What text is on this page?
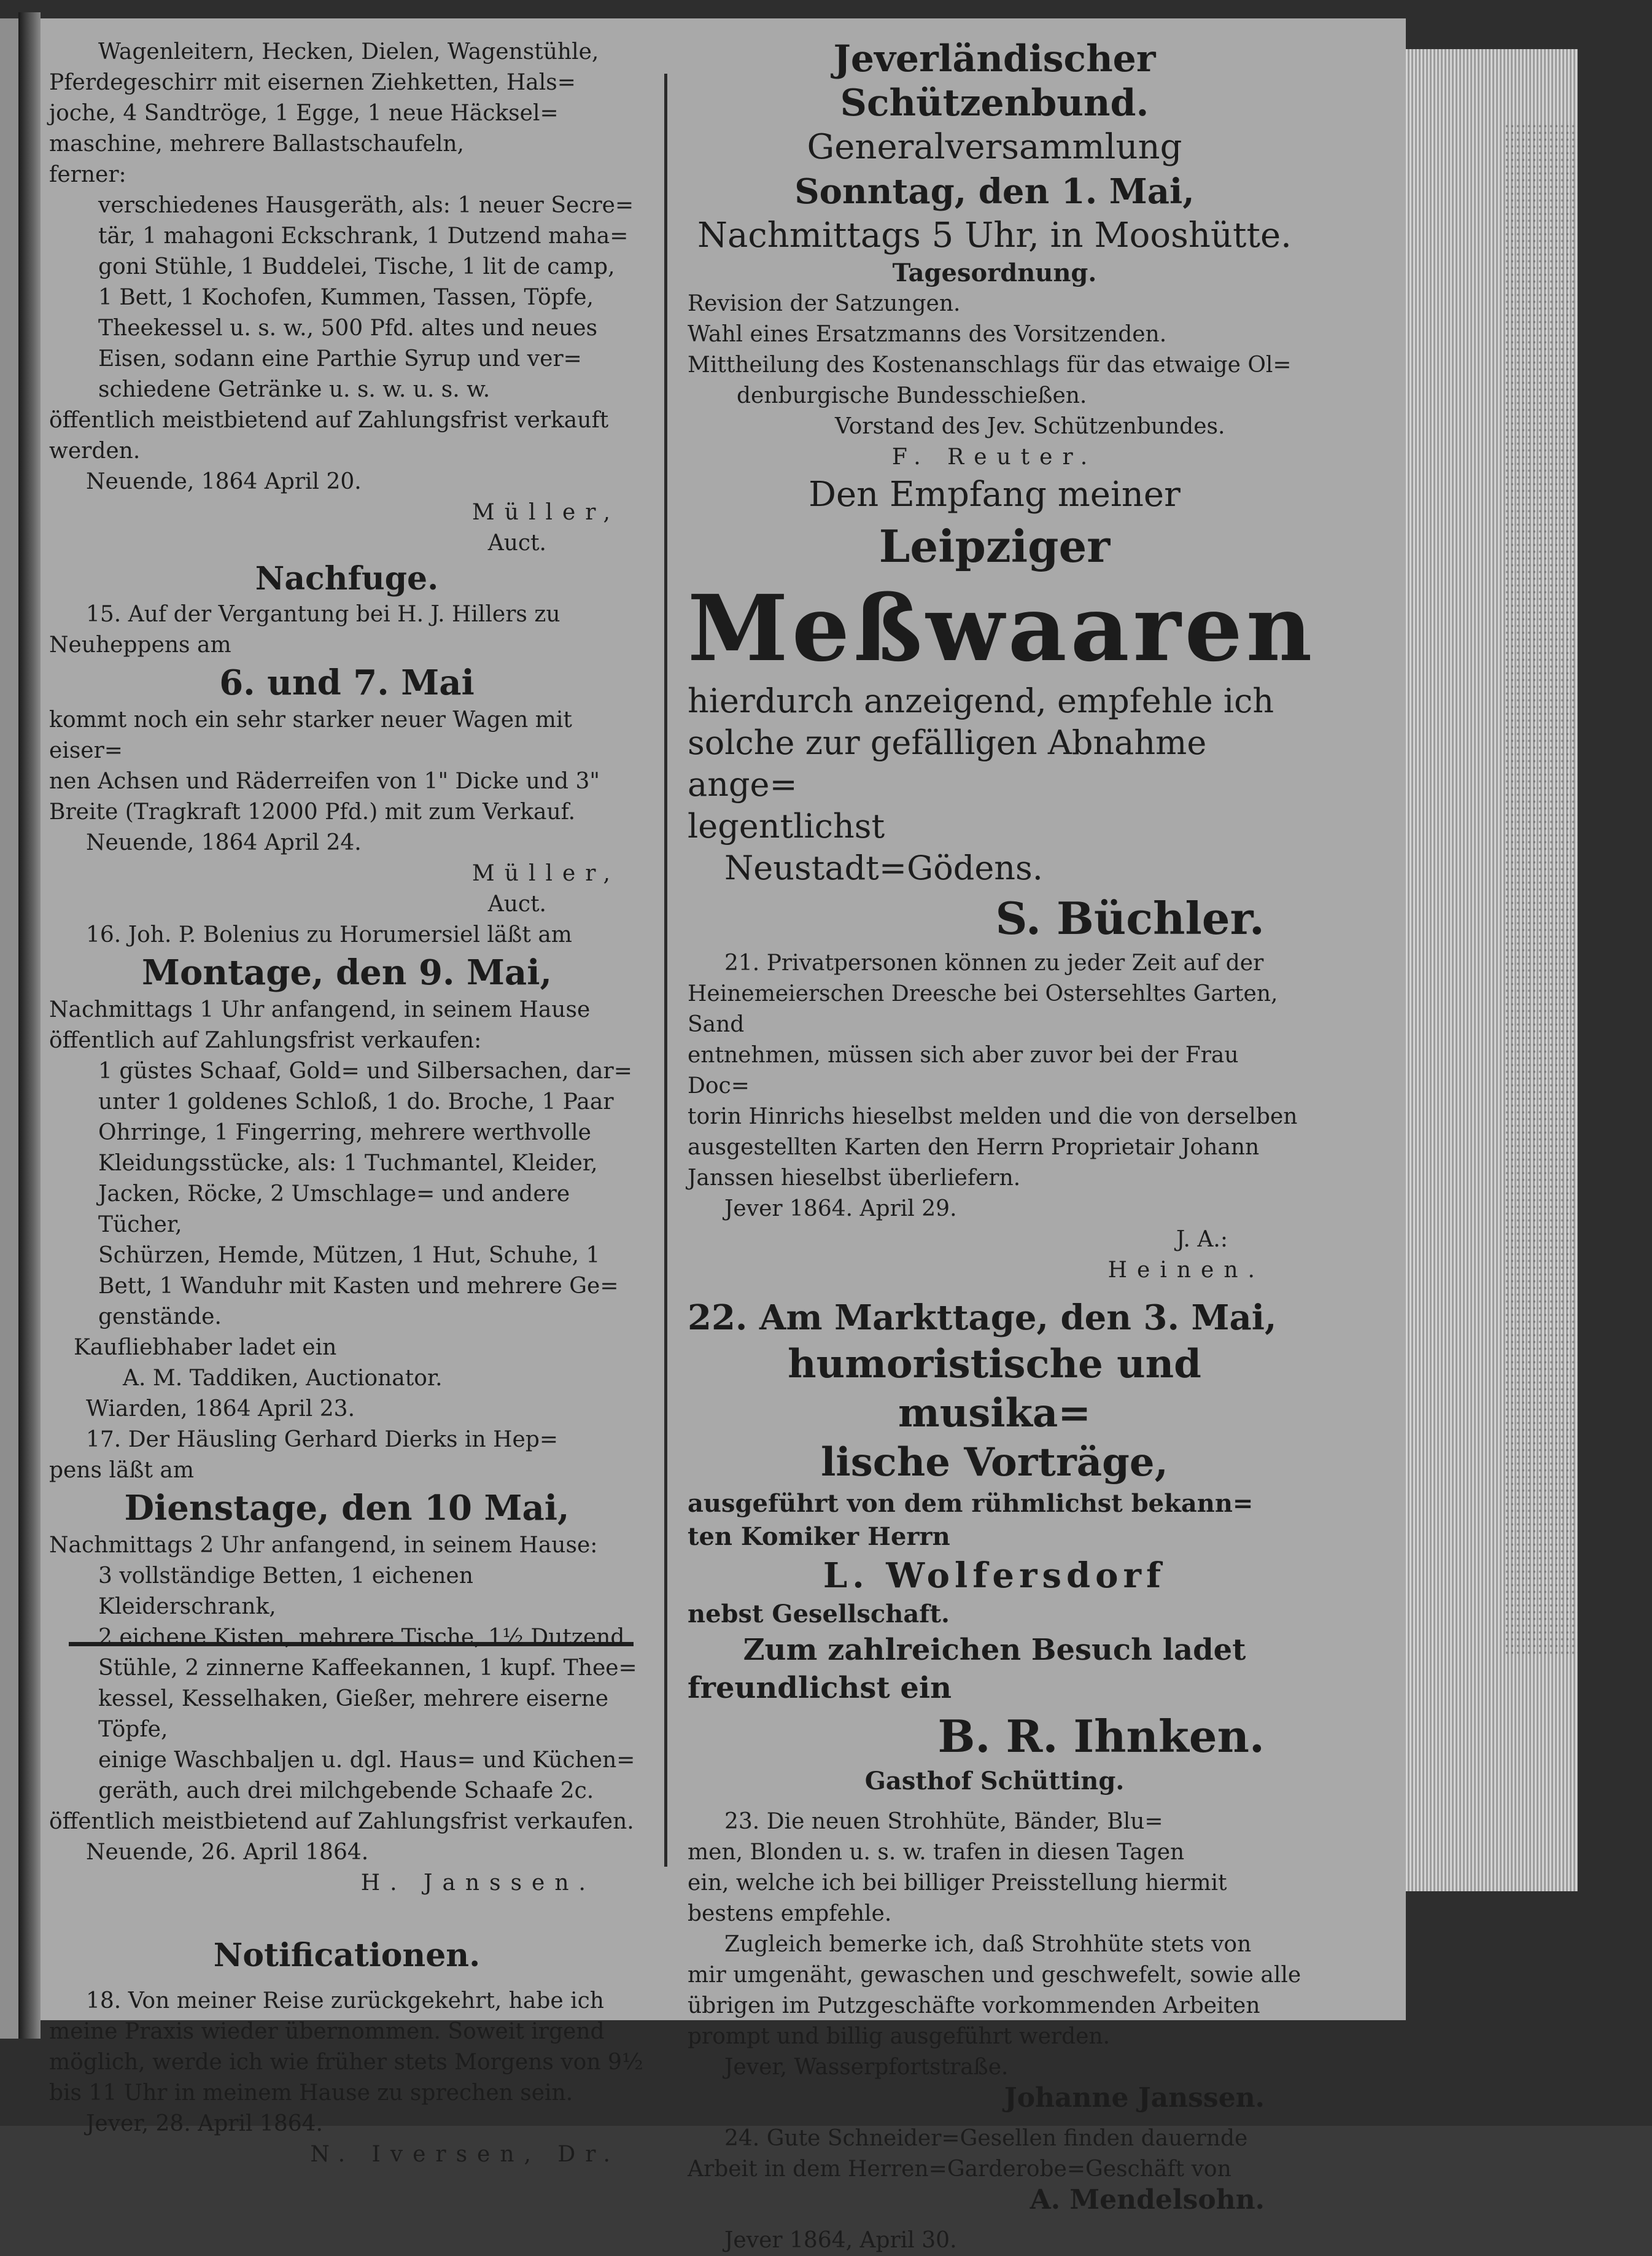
Wagenleitern, Hecken, Dielen, Wagenstühle,

Pferdegeschirr mit eisernen Ziehketten, Hals=

joche, 4 Sandtröge, 1 Egge, 1 neue Häcksel=

maschine, mehrere Ballastschaufeln,

ferner:

verschiedenes Hausgeräth, als: 1 neuer Secre=

tär, 1 mahagoni Eckschrank, 1 Dutzend maha=

goni Stühle, 1 Buddelei, Tische, 1 lit de camp,

1 Bett, 1 Kochofen, Kummen, Tassen, Töpfe,

Theekessel u. s. w., 500 Pfd. altes und neues

Eisen, sodann eine Parthie Syrup und ver=

schiedene Getränke u. s. w. u. s. w.

öffentlich meistbietend auf Zahlungsfrist verkauft

werden.

Neuende, 1864 April 20.

Müller,

Auct.

Nachfuge.

15. Auf der Vergantung bei H. J. Hillers zu

Neuheppens am

6. und 7. Mai

kommt noch ein sehr starker neuer Wagen mit eiser=

nen Achsen und Räderreifen von 1" Dicke und 3"

Breite (Tragkraft 12000 Pfd.) mit zum Verkauf.

Neuende, 1864 April 24.

Müller,

Auct.

16. Joh. P. Bolenius zu Horumersiel läßt am

Montage, den 9. Mai,

Nachmittags 1 Uhr anfangend, in seinem Hause

öffentlich auf Zahlungsfrist verkaufen:

1 güstes Schaaf, Gold= und Silbersachen, dar=

unter 1 goldenes Schloß, 1 do. Broche, 1 Paar

Ohrringe, 1 Fingerring, mehrere werthvolle

Kleidungsstücke, als: 1 Tuchmantel, Kleider,

Jacken, Röcke, 2 Umschlage= und andere Tücher,

Schürzen, Hemde, Mützen, 1 Hut, Schuhe, 1

Bett, 1 Wanduhr mit Kasten und mehrere Ge=

genstände.

Kaufliebhaber ladet ein

A. M. Taddiken, Auctionator.

Wiarden, 1864 April 23.

17. Der Häusling Gerhard Dierks in Hep=

pens läßt am

Dienstage, den 10 Mai,

Nachmittags 2 Uhr anfangend, in seinem Hause:

3 vollständige Betten, 1 eichenen Kleiderschrank,

2 eichene Kisten, mehrere Tische, 1½ Dutzend

Stühle, 2 zinnerne Kaffeekannen, 1 kupf. Thee=

kessel, Kesselhaken, Gießer, mehrere eiserne Töpfe,

einige Waschbaljen u. dgl. Haus= und Küchen=

geräth, auch drei milchgebende Schaafe 2c.

öffentlich meistbietend auf Zahlungsfrist verkaufen.

Neuende, 26. April 1864.

H. Janssen.

Notificationen.

18. Von meiner Reise zurückgekehrt, habe ich

meine Praxis wieder übernommen. Soweit irgend

möglich, werde ich wie früher stets Morgens von 9½

bis 11 Uhr in meinem Hause zu sprechen sein.

Jever, 28. April 1864.

N. Iversen, Dr.

Jeverländischer Schützenbund.

Generalversammlung

Sonntag, den 1. Mai,

Nachmittags 5 Uhr, in Mooshütte.

Tagesordnung.

Revision der Satzungen.

Wahl eines Ersatzmanns des Vorsitzenden.

Mittheilung des Kostenanschlags für das etwaige Ol=

denburgische Bundesschießen.

Vorstand des Jev. Schützenbundes.

F. Reuter.

Den Empfang meiner

Leipziger

Meßwaaren

hierdurch anzeigend, empfehle ich

solche zur gefälligen Abnahme ange=

legentlichst

Neustadt=Gödens.

S. Büchler.

21. Privatpersonen können zu jeder Zeit auf der

Heinemeierschen Dreesche bei Ostersehltes Garten, Sand

entnehmen, müssen sich aber zuvor bei der Frau Doc=

torin Hinrichs hieselbst melden und die von derselben

ausgestellten Karten den Herrn Proprietair Johann

Janssen hieselbst überliefern.

Jever 1864. April 29.

J. A.:

Heinen.

22. Am Markttage, den 3. Mai,

humoristische und musika=

lische Vorträge,

ausgeführt von dem rühmlichst bekann=

ten Komiker Herrn

L. Wolfersdorf

nebst Gesellschaft.

Zum zahlreichen Besuch ladet

freundlichst ein

B. R. Ihnken.

Gasthof Schütting.

23. Die neuen Strohhüte, Bänder, Blu=

men, Blonden u. s. w. trafen in diesen Tagen

ein, welche ich bei billiger Preisstellung hiermit

bestens empfehle.

Zugleich bemerke ich, daß Strohhüte stets von

mir umgenäht, gewaschen und geschwefelt, sowie alle

übrigen im Putzgeschäfte vorkommenden Arbeiten

prompt und billig ausgeführt werden.

Jever, Wasserpfortstraße.

Johanne Janssen.

24. Gute Schneider=Gesellen finden dauernde

Arbeit in dem Herren=Garderobe=Geschäft von

A. Mendelsohn.

Jever 1864, April 30.
